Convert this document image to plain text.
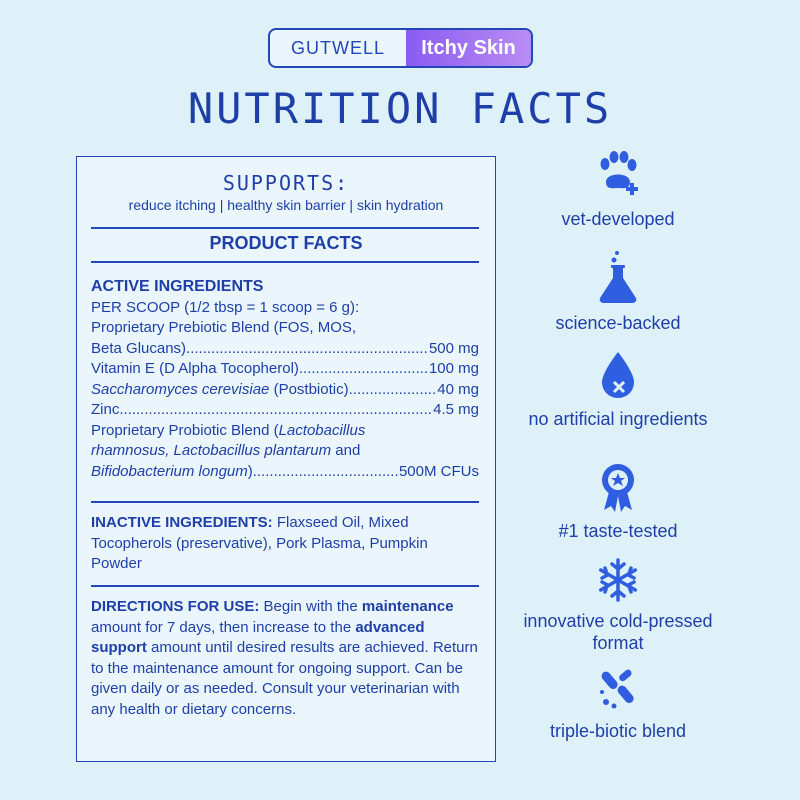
GUTWELL	Itchy Skin
NUTRITION FACTS
SUPPORTS:
reduce itching | healthy skin barrier | skin hydration
PRODUCT FACTS
ACTIVE INGREDIENTS
PER SCOOP (1/2 tbsp = 1 scoop = 6 g):
Proprietary Prebiotic Blend (FOS, MOS,
Beta Glucans) .....	500 mg
Vitamin E (D Alpha Tocopherol) .....	100 mg
Saccharomyces cerevisiae (Postbiotic) .....	40 mg
Zinc .....	4.5 mg
Proprietary Probiotic Blend (Lactobacillus
rhamnosus, Lactobacillus plantarum and
Bifidobacterium longum) .....	500M CFUs
INACTIVE INGREDIENTS: Flaxseed Oil, Mixed Tocopherols (preservative), Pork Plasma, Pumpkin Powder
DIRECTIONS FOR USE: Begin with the maintenance amount for 7 days, then increase to the advanced support amount until desired results are achieved. Return to the maintenance amount for ongoing support. Can be given daily or as needed. Consult your veterinarian with any health or dietary concerns.
vet-developed
science-backed
no artificial ingredients
#1 taste-tested
innovative cold-pressed format
triple-biotic blend
